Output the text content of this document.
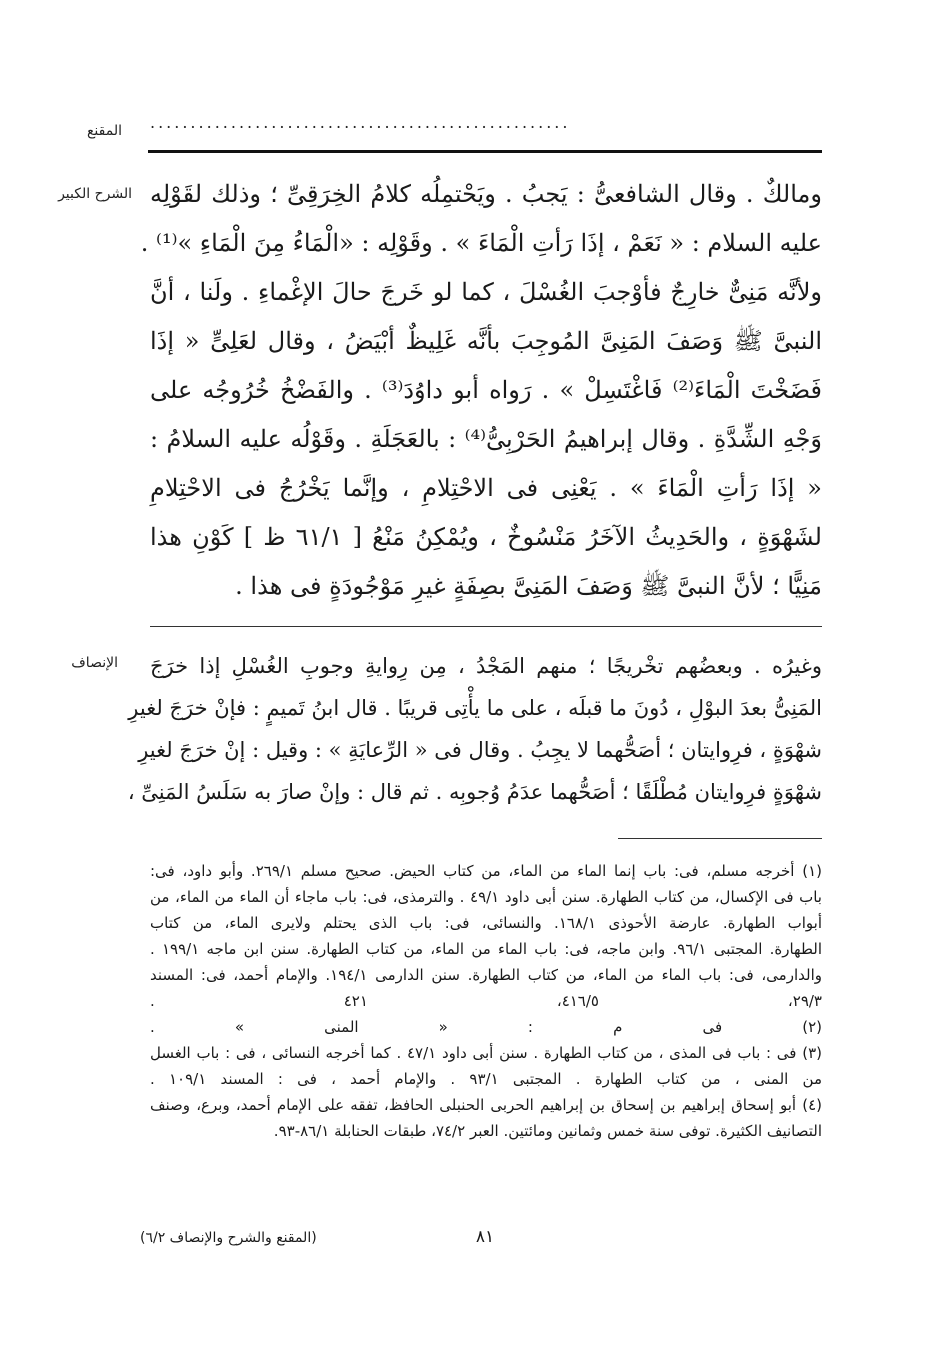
المقنع ....................................................
الشرح الكبير ومالكٌ . وقال الشافعىُّ : يَجبُ . ويَحْتمِلُه كلامُ الخِرَقِىِّ ؛ وذلك لقَوْلِه
عليه السلام : « نَعَمْ ، إذَا رَأتِ الْمَاءَ » . وقَوْلِه : «الْمَاءُ مِنَ الْمَاءِ »⁽¹⁾ .
ولأنَّه مَنِىٌّ خارِجٌ فأوْجبَ الغُسْلَ ، كما لو خَرجَ حالَ الإغْماءِ . ولَنا ، أنَّ
النبىَّ ﷺ وَصَفَ المَنِىَّ المُوجِبَ بأنَّه غَلِيظٌ أبْيَضُ ، وقال لعَلِىٍّ « إذَا
فَضَخْتَ الْمَاءَ⁽²⁾ فَاغْتَسِلْ » . رَواه أبو داوُدَ⁽³⁾ . والفَضْخُ خُرُوجُه على
وَجْهِ الشِّدَّةِ . وقال إبراهيمُ الحَرْبِىُّ⁽⁴⁾ : بالعَجَلَةِ . وقَوْلُه عليه السلامُ :
« إذَا رَأتِ الْمَاءَ » . يَعْنِى فى الاحْتِلامِ ، وإنَّما يَخْرُجُ فى الاحْتِلامِ
لشَهْوَةٍ ، والحَدِيثُ الآخَرُ مَنْسُوخٌ ، ويُمْكِنُ مَنْعُ [ ٦١/١ ظ ] كَوْنِ هذا
مَنِيًّا ؛ لأنَّ النبىَّ ﷺ وَصَفَ المَنِىَّ بصِفَةٍ غيرِ مَوْجُودَةٍ فى هذا .
الإنصاف وغيرُه . وبعضُهم تخْريجًا ؛ منهم المَجْدُ ، مِن رِوايةِ وجوبِ الغُسْلِ إذا خرَجَ
المَنِىُّ بعدَ البوْلِ ، دُونَ ما قبلَه ، على ما يأْتِى قريبًا . قال ابنُ تَميمٍ : فإنْ خرَجَ لغيرِ
شهْوَةٍ ، فرِوايتان ؛ أصَحُّهما لا يجِبُ . وقال فى « الرِّعايَةِ » : وقيل : إنْ خرَجَ لغيرِ
شهْوَةٍ فرِوايتان مُطْلَقًا ؛ أصَحُّهما عدَمُ وُجوبِه . ثم قال : وإنْ صارَ به سَلَسُ المَنِىِّ ،
(١) أخرجه مسلم، فى: باب إنما الماء من الماء، من كتاب الحيض. صحيح مسلم ٢٦٩/١. وأبو داود، فى:
باب فى الإكسال، من كتاب الطهارة. سنن أبى داود ٤٩/١ . والترمذى، فى: باب ماجاء أن الماء من الماء، من
أبواب الطهارة. عارضة الأحوذى ١٦٨/١. والنسائى، فى: باب الذى يحتلم ولايرى الماء، من كتاب
الطهارة. المجتبى ٩٦/١. وابن ماجه، فى: باب الماء من الماء، من كتاب الطهارة. سنن ابن ماجه ١٩٩/١ .
والدارمى، فى: باب الماء من الماء، من كتاب الطهارة. سنن الدارمى ١٩٤/١. والإمام أحمد، فى: المسند
٢٩/٣، ٤١٦/٥، ٤٢١ .
(٢) فى م : « المنى » .
(٣) فى : باب فى المذى ، من كتاب الطهارة . سنن أبى داود ٤٧/١ . كما أخرجه النسائى ، فى : باب الغسل
من المنى ، من كتاب الطهارة . المجتبى ٩٣/١ . والإمام أحمد ، فى : المسند ١٠٩/١ .
(٤) أبو إسحاق إبراهيم بن إسحاق بن إبراهيم الحربى الحنبلى الحافظ، تفقه على الإمام أحمد، وبرع، وصنف
التصانيف الكثيرة. توفى سنة خمس وثمانين ومائتين. العبر ٧٤/٢، طبقات الحنابلة ٨٦/١-٩٣.
٨١
(المقنع والشرح والإنصاف ٦/٢)
